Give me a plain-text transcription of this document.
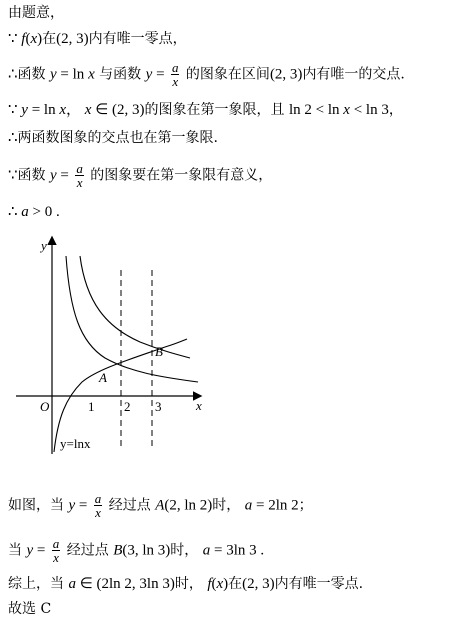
由题意，
∵ f(x)在(2, 3)内有唯一零点，
∴函数 y = ln x 与函数 $y = \frac{a}{x}$ 的图象在区间(2, 3)内有唯一的交点.
∵ y = ln x， x ∈ (2, 3)的图象在第一象限，且 ln 2 < ln x < ln 3，
∴两函数图象的交点也在第一象限.
∵函数 $y = \frac{a}{x}$ 的图象要在第一象限有意义，
∴ a > 0 .
y
x
O	1 2 3
A
B
y=lnx
如图，当 $y = \frac{a}{x}$ 经过点 A(2, ln 2)时， a = 2ln 2；
当 $y = \frac{a}{x}$ 经过点 B(3, ln 3)时， a = 3ln 3 .
综上，当 a ∈ (2ln 2, 3ln 3)时， f(x)在(2, 3)内有唯一零点.
故选 C
